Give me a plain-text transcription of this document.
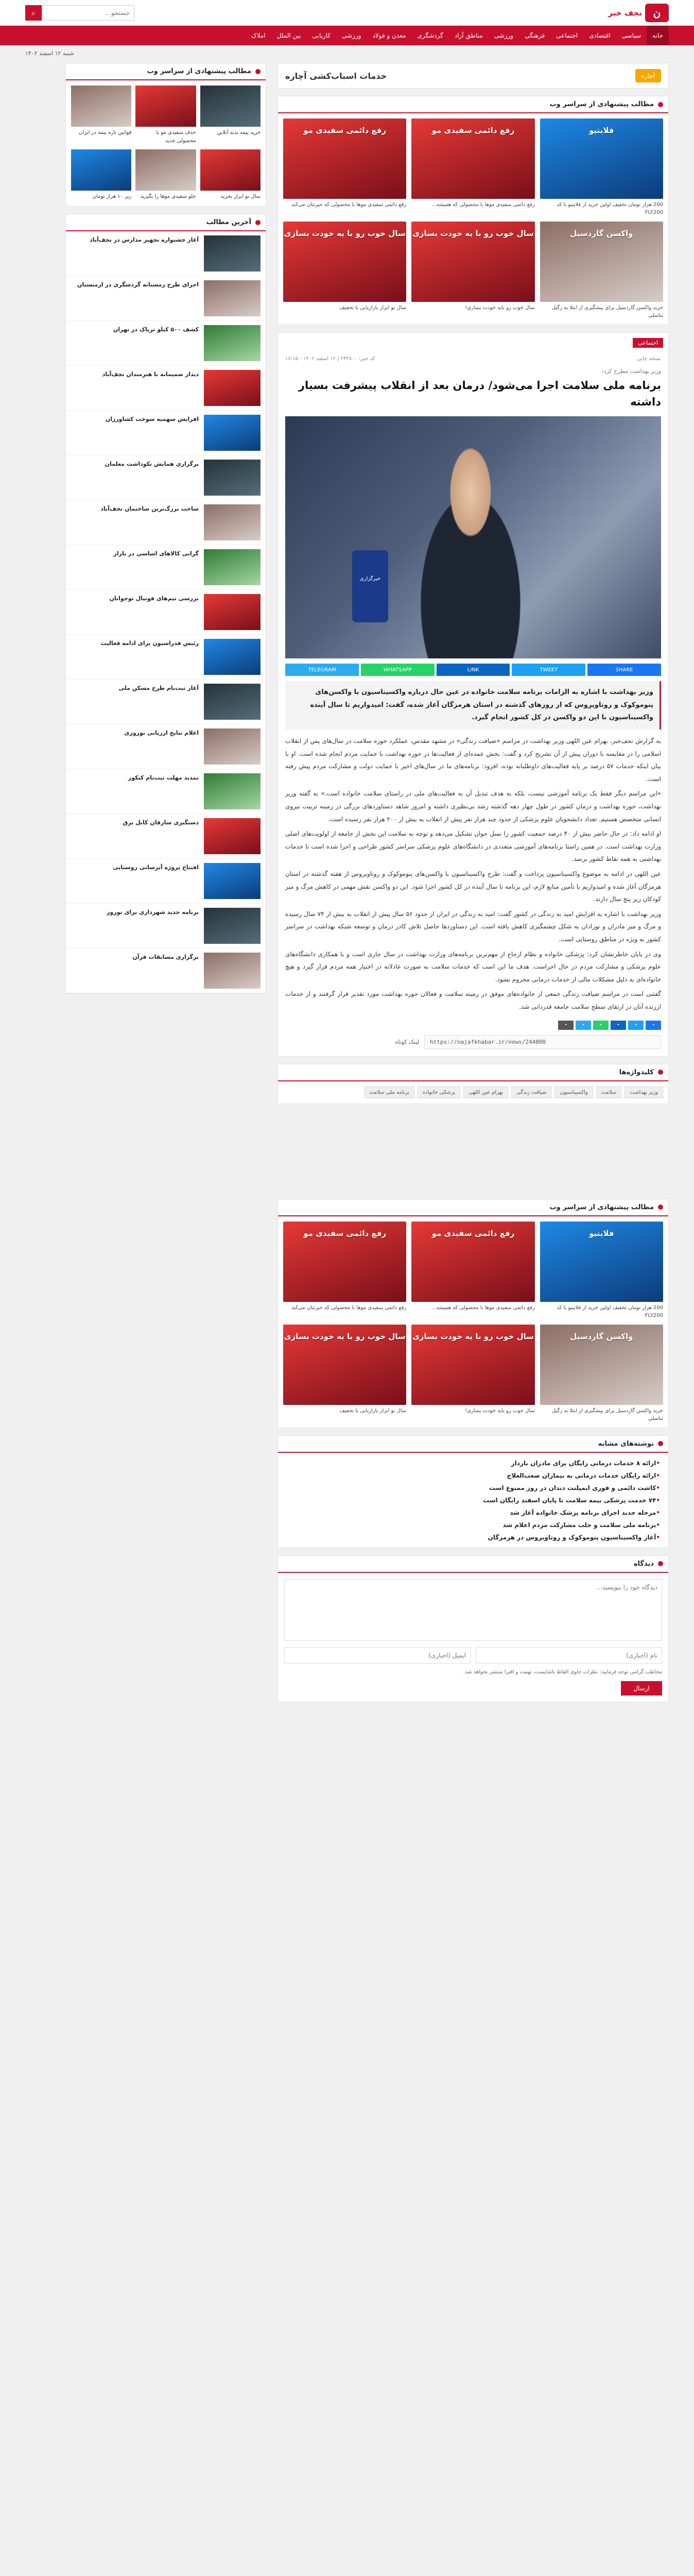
ن
نجف خبر
جستجو...
⌕
خانه
سیاسی
اقتصادی
اجتماعی
فرهنگی
ورزشی
مناطق آزاد
گردشگری
معدن و فولاد
ورزشی
کاریابی
بین الملل
املاک
شنبه ۱۲ اسفند ۱۴۰۲
آچاره
خدمات اسباب‌کشی آچاره
مطالب پیشنهادی از سراسر وب
فلایتیو
200 هزار تومان تخفیف اولین خرید از فلایتیو با کد FLY200
رفع دائمی سفیدی مو
رفع دائمی سفیدی موها با محصولی که همیشه...
رفع دائمی سفیدی مو
رفع دائمی سفیدی موها با محصولی که حیرتتان می‌کند
واکسن گاردسیل
خرید واکسن گاردسیل برای پیشگیری از ابتلا به زگیل تناسلی
سال خوب رو با یه خودت بسازی
سال خوب رو باید خودت بسازی!
سال خوب رو با یه خودت بسازی
سال نو ابزار بازاریابی با تخفیف
اجتماعی
نسخه چاپی
کد خبر: ۲۴۴۸۰۰ | ۱۲ اسفند ۱۴۰۲ - ۱۷:۱۵
وزیر بهداشت مطرح کرد:
برنامه ملی سلامت اجرا می‌شود/ درمان بعد از انقلاب پیشرفت بسیار داشته
خبرگزاری
SHARE
TWEET
LINK
WHATSAPP
TELEGRAM
وزیر بهداشت با اشاره به الزامات برنامه سلامت خانواده در عین حال درباره واکسیناسیون با واکسن‌های پنوموکوک و روتاویروس که از روزهای گذشته در استان هرمزگان آغاز شده، گفت: امیدواریم تا سال آینده واکسیناسیون با این دو واکسن در کل کشور انجام گیرد.

به گزارش نجف‌خبر، بهرام عین اللهی وزیر بهداشت در مراسم «ضیافت زندگی» در مشهد مقدس، عملکرد حوزه سلامت در سال‌های پس از انقلاب اسلامی را در مقایسه با دوران پیش از آن تشریح کرد و گفت: بخش عمده‌ای از فعالیت‌ها در حوزه بهداشت با حمایت مردم انجام شده است. او با بیان اینکه خدمات ۵۷ درصد بر پایه فعالیت‌های داوطلبانه بوده، افزود: برنامه‌های ما در سال‌های اخیر با حمایت دولت و مشارکت مردم پیش رفته است.

«این مراسم دیگر فقط یک برنامه آموزشی نیست، بلکه به هدف تبدیل آن به فعالیت‌های ملی در راستای سلامت خانواده است.» به گفته وزیر بهداشت، حوزه بهداشت و درمان کشور در طول چهار دهه گذشته رشد بی‌نظیری داشته و امروز شاهد دستاوردهای بزرگی در زمینه تربیت نیروی انسانی متخصص هستیم. تعداد دانشجویان علوم پزشکی از حدود چند هزار نفر پیش از انقلاب به بیش از ۲۰۰ هزار نفر رسیده است.

او ادامه داد: در حال حاضر بیش از ۴۰ درصد جمعیت کشور را نسل جوان تشکیل می‌دهد و توجه به سلامت این بخش از جامعه از اولویت‌های اصلی وزارت بهداشت است. در همین راستا برنامه‌های آموزشی متعددی در دانشگاه‌های علوم پزشکی سراسر کشور طراحی و اجرا شده است تا خدمات بهداشتی به همه نقاط کشور برسد.

عین اللهی در ادامه به موضوع واکسیناسیون پرداخت و گفت: طرح واکسیناسیون با واکسن‌های پنوموکوک و روتاویروس از هفته گذشته در استان هرمزگان آغاز شده و امیدواریم با تأمین منابع لازم، این برنامه تا سال آینده در کل کشور اجرا شود. این دو واکسن نقش مهمی در کاهش مرگ و میر کودکان زیر پنج سال دارند.

وزیر بهداشت با اشاره به افزایش امید به زندگی در کشور گفت: امید به زندگی در ایران از حدود ۵۶ سال پیش از انقلاب به بیش از ۷۴ سال رسیده و مرگ و میر مادران و نوزادان به شکل چشمگیری کاهش یافته است. این دستاوردها حاصل تلاش کادر درمان و توسعه شبکه بهداشت در سراسر کشور به ویژه در مناطق روستایی است.

وی در پایان خاطرنشان کرد: پزشکی خانواده و نظام ارجاع از مهم‌ترین برنامه‌های وزارت بهداشت در سال جاری است و با همکاری دانشگاه‌های علوم پزشکی و مشارکت مردم در حال اجراست. هدف ما این است که خدمات سلامت به صورت عادلانه در اختیار همه مردم قرار گیرد و هیچ خانواده‌ای به دلیل مشکلات مالی از خدمات درمانی محروم نشود.

گفتنی است در مراسم ضیافت زندگی جمعی از خانواده‌های موفق در زمینه سلامت و فعالان حوزه بهداشت مورد تقدیر قرار گرفتند و از خدمات ارزنده آنان در ارتقای سطح سلامت جامعه قدردانی شد.

•
•
•
•
•
•
https://najafkhabar.ir/news/244800
لینک کوتاه
کلیدواژه‌ها
وزیر بهداشت
سلامت
واکسیناسیون
ضیافت زندگی
بهرام عین اللهی
پزشکی خانواده
برنامه ملی سلامت
مطالب پیشنهادی از سراسر وب
فلایتیو
200 هزار تومان تخفیف اولین خرید از فلایتیو با کد FLY200
رفع دائمی سفیدی مو
رفع دائمی سفیدی موها با محصولی که همیشه...
رفع دائمی سفیدی مو
رفع دائمی سفیدی موها با محصولی که حیرتتان می‌کند
واکسن گاردسیل
خرید واکسن گاردسیل برای پیشگیری از ابتلا به زگیل تناسلی
سال خوب رو با یه خودت بسازی
سال خوب رو باید خودت بسازی!
سال خوب رو با یه خودت بسازی
سال نو ابزار بازاریابی با تخفیف
نوشته‌های مشابه
• ارائه ۸ خدمات درمانی رایگان برای مادران باردار
• ارائه رایگان خدمات درمانی به بیماران صعب‌العلاج
• کاشت دائمی و فوری ایمپلنت دندان در روز ممنوع است
• ۷۴ خدمت پزشکی بیمه سلامت تا پایان اسفند رایگان است
• مرحله جدید اجرای برنامه پزشک خانواده آغاز شد
• برنامه ملی سلامت و جلب مشارکت مردم اعلام شد
• آغاز واکسیناسیون پنوموکوک و روتاویروس در هرمزگان
دیدگاه
دیدگاه خود را بنویسید...
نام (اجباری)
ایمیل (اجباری)
مخاطب گرامی توجه فرمایید: نظرات حاوی الفاظ ناشایست، تهمت و افترا منتشر نخواهد شد.
ارسال
مطالب پیشنهادی از سراسر وب
خرید بیمه بدنه آنلاین
حذف سفیدی مو با محصولی جدید
قوانین تازه بیمه در ایران
سال نو ابزار بخرید
جلو سفیدی موها را بگیرید
زیر ۱۰ هزار تومان
آخرین مطالب
آغاز جشنواره تجهیز مدارس در نجف‌آباد
اجرای طرح زمستانه گردشگری در ارمنستان
کشف ۵۰۰ کیلو تریاک در تهران
دیدار صمیمانه با هنرمندان نجف‌آباد
افزایش سهمیه سوخت کشاورزان
برگزاری همایش نکوداشت معلمان
ساخت بزرگ‌ترین ساختمان نجف‌آباد
گرانی کالاهای اساسی در بازار
بررسی تیم‌های فوتبال نوجوانان
رئیس فدراسیون برای ادامه فعالیت
آغاز ثبت‌نام طرح مسکن ملی
اعلام نتایج ارزیابی نوروزی
تمدید مهلت ثبت‌نام کنکور
دستگیری سارقان کابل برق
افتتاح پروژه آبرسانی روستایی
برنامه جدید شهرداری برای نوروز
برگزاری مسابقات قرآن
